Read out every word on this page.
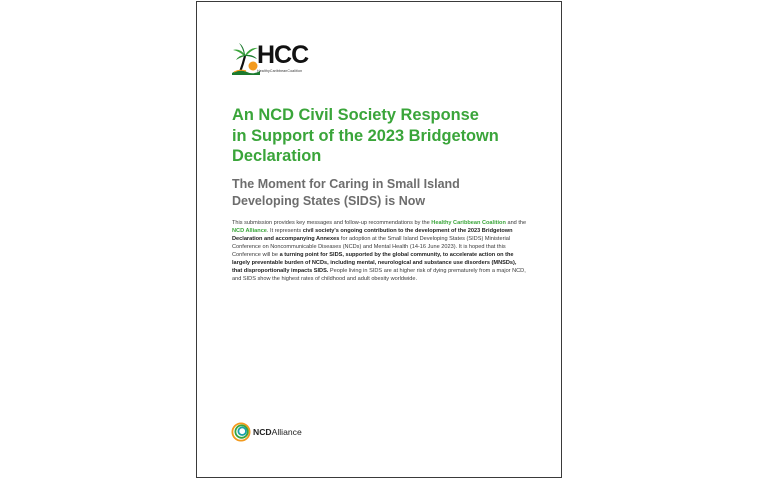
HCC
HealthyCaribbeanCoalition
An NCD Civil Society Response
in Support of the 2023 Bridgetown
Declaration
The Moment for Caring in Small Island
Developing States (SIDS) is Now

This submission provides key messages and follow-up recommendations by the Healthy Caribbean Coalition and the NCD Alliance. It represents civil society's ongoing contribution to the development of the 2023 Bridgetown Declaration and accompanying Annexes for adoption at the Small Island Developing States (SIDS) Ministerial Conference on Noncommunicable Diseases (NCDs) and Mental Health (14-16 June 2023). It is hoped that this Conference will be a turning point for SIDS, supported by the global community, to accelerate action on the largely preventable burden of NCDs, including mental, neurological and substance use disorders (MNSDs), that disproportionally impacts SIDS. People living in SIDS are at higher risk of dying prematurely from a major NCD, and SIDS show the highest rates of childhood and adult obesity worldwide.

NCDAlliance
